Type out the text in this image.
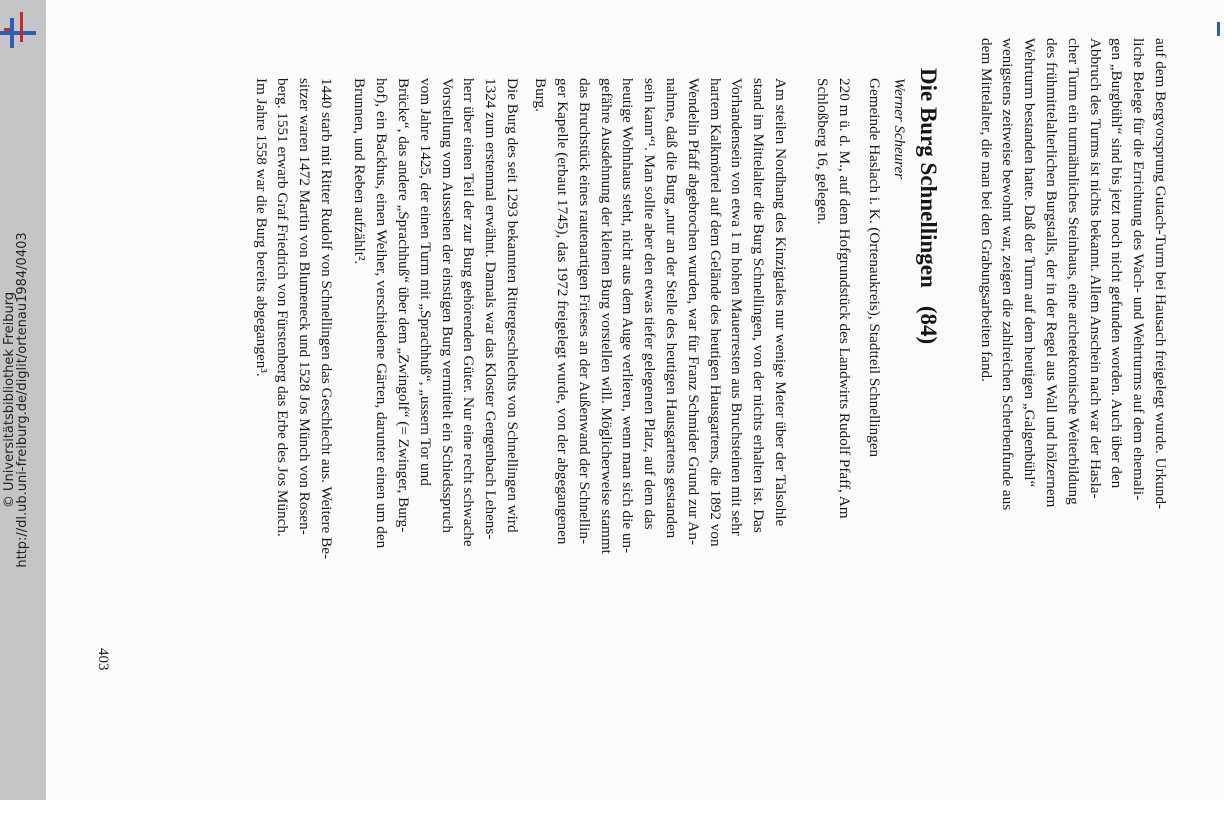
http://dl.ub.uni-freiburg.de/diglit/ortenau1984/0403
© Universitätsbibliothek Freiburg	auf dem Bergvorsprung Gutach-Turm bei Hausach freigelegt wurde. Urkund-
liche Belege für die Errichtung des Wach- und Wehrturms auf dem ehemali-
gen „Burgbühl“ sind bis jetzt noch nicht gefunden worden. Auch über den
Abbruch des Turms ist nichts bekannt. Allem Anschein nach war der Hasla-
cher Turm ein turmähnliches Steinhaus, eine archetektonische Weiterbildung
des frühmittelalterlichen Burgstalls, der in der Regel aus Wall und hölzernem
Wehrturm bestanden hatte. Daß der Turm auf dem heutigen „Galgenbühl“
wenigstens zeitweise bewohnt war, zeigen die zahlreichen Scherbenfunde aus
dem Mittelalter, die man bei den Grabungsarbeiten fand.
Die Burg Schnellingen(84)
Werner Scheurer
Gemeinde Haslach i. K. (Ortenaukreis), Stadtteil Schnellingen
220 m ü. d. M., auf dem Hofgrundstück des Landwirts Rudolf Pfaff, Am
Schloßberg 16, gelegen.
Am steilen Nordhang des Kinzigtales nur wenige Meter über der Talsohle
stand im Mittelalter die Burg Schnellingen, von der nichts erhalten ist. Das
Vorhandensein von etwa 1 m hohen Mauerresten aus Bruchsteinen mit sehr
hartem Kalkmörtel auf dem Gelände des heutigen Hausgartens, die 1892 von
Wendelin Pfaff abgebrochen wurden, war für Franz Schmider Grund zur An-
nahme, daß die Burg „nur an der Stelle des heutigen Hausgartens gestanden
sein kann“¹. Man sollte aber den etwas tiefer gelegenen Platz, auf dem das
heutige Wohnhaus steht, nicht aus dem Auge verlieren, wenn man sich die un-
gefähre Ausdehnung der kleinen Burg vorstellen will. Möglicherweise stammt
das Bruchstück eines rautenartigen Frieses an der Außenwand der Schnellin-
ger Kapelle (erbaut 1745), das 1972 freigelegt wurde, von der abgegangenen
Burg.
Die Burg des seit 1293 bekannten Rittergeschlechts von Schnellingen wird
1324 zum erstenmal erwähnt. Damals war das Kloster Gengenbach Lehens-
herr über einen Teil der zur Burg gehörenden Güter. Nur eine recht schwache
Vorstellung vom Aussehen der einstigen Burg vermittelt ein Schiedsspruch
vom Jahre 1425, der einen Turm mit „Sprachhuß“, „ussern Tor und
Brücke“, das andere „Sprachhuß“ über dem „Zwingolf“ (= Zwinger, Burg-
hof), ein Backhus, einen Weiher, verschiedene Gärten, darunter einen um den
Brunnen, und Reben aufzählt².
1440 starb mit Ritter Rudolf von Schnellingen das Geschlecht aus. Weitere Be-
sitzer waren 1472 Martin von Blumeneck und 1528 Jos Münch von Rosen-
berg. 1551 erwarb Graf Friedrich von Fürstenberg das Erbe des Jos Münch.
Im Jahre 1558 war die Burg bereits abgegangen³.
403
